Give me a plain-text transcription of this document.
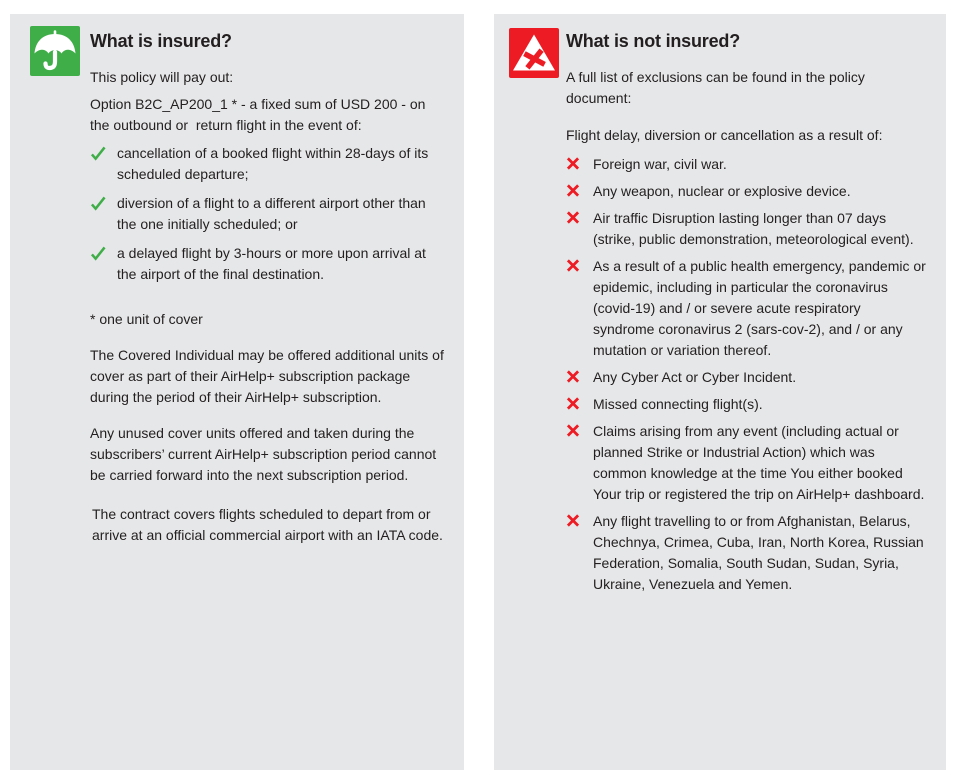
What is insured?

This policy will pay out:

Option B2C_AP200_1 * - a fixed sum of USD 200 - on the outbound or  return flight in the event of:

cancellation of a booked flight within 28-days of its scheduled departure;
diversion of a flight to a different airport other than the one initially scheduled; or
a delayed flight by 3-hours or more upon arrival at the airport of the final destination.

* one unit of cover

The Covered Individual may be offered additional units of cover as part of their AirHelp+ subscription package during the period of their AirHelp+ subscription.

Any unused cover units offered and taken during the subscribers’ current AirHelp+ subscription period cannot be carried forward into the next subscription period.

The contract covers flights scheduled to depart from or arrive at an official commercial airport with an IATA code.

What is not insured?

A full list of exclusions can be found in the policy document:

Flight delay, diversion or cancellation as a result of:

Foreign war, civil war.
Any weapon, nuclear or explosive device.
Air traffic Disruption lasting longer than 07 days (strike, public demonstration, meteorological event).
As a result of a public health emergency, pandemic or epidemic, including in particular the coronavirus (covid-19) and / or severe acute respiratory syndrome coronavirus 2 (sars-cov-2), and / or any mutation or variation thereof.
Any Cyber Act or Cyber Incident.
Missed connecting flight(s).
Claims arising from any event (including actual or planned Strike or Industrial Action) which was common knowledge at the time You either booked Your trip or registered the trip on AirHelp+ dashboard.
Any flight travelling to or from Afghanistan, Belarus, Chechnya, Crimea, Cuba, Iran, North Korea, Russian Federation, Somalia, South Sudan, Sudan, Syria, Ukraine, Venezuela and Yemen.
